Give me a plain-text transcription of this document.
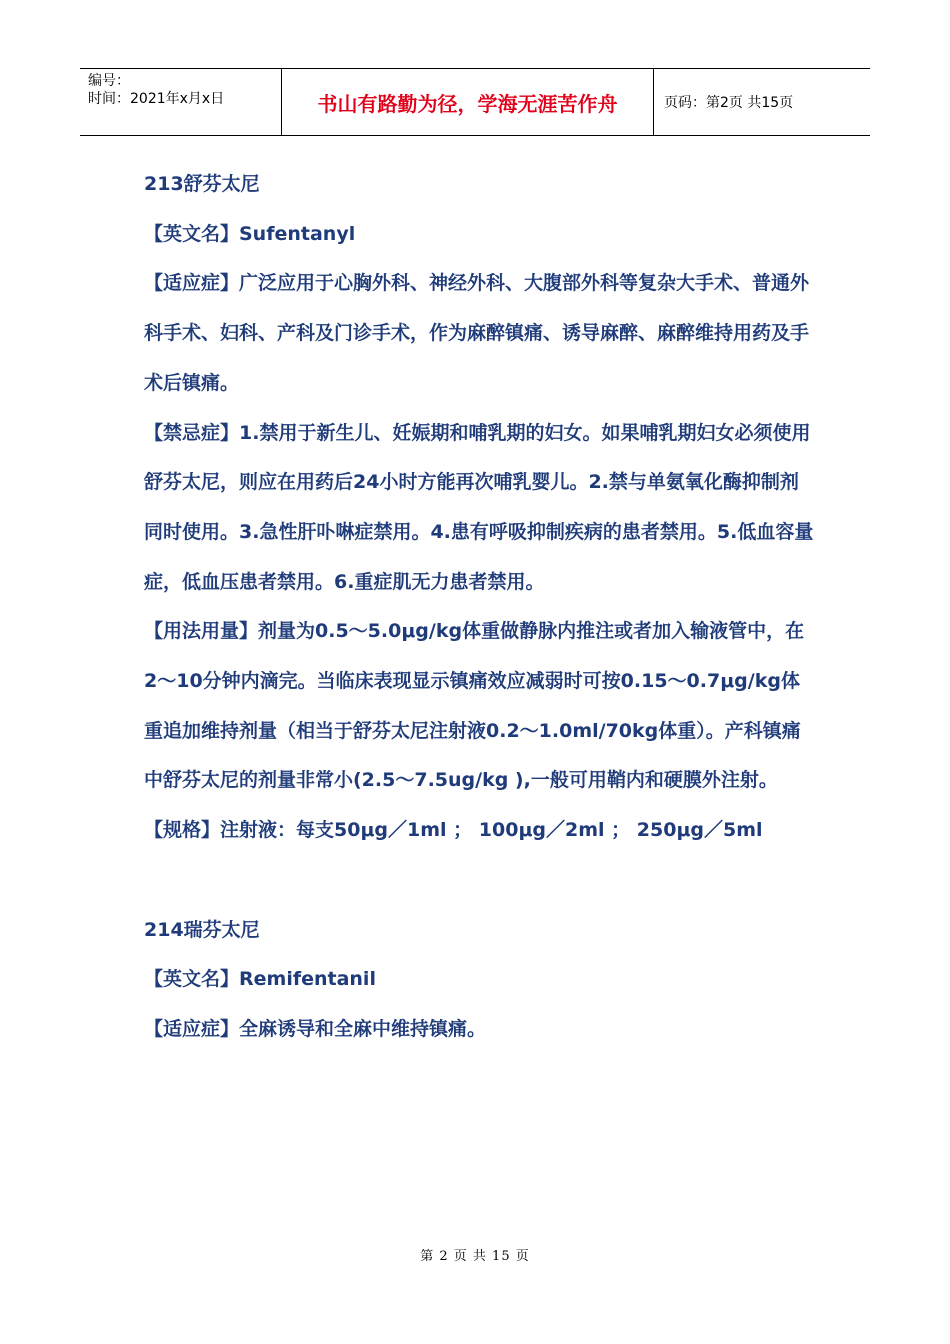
编号：
时间：2021年x月x日	书山有路勤为径，学海无涯苦作舟	页码：第2页 共15页

213舒芬太尼

【英文名】Sufentanyl

【适应症】广泛应用于心胸外科、神经外科、大腹部外科等复杂大手术、普通外科手术、妇科、产科及门诊手术，作为麻醉镇痛、诱导麻醉、麻醉维持用药及手术后镇痛。

【禁忌症】1.禁用于新生儿、妊娠期和哺乳期的妇女。如果哺乳期妇女必须使用舒芬太尼，则应在用药后24小时方能再次哺乳婴儿。2.禁与单氨氧化酶抑制剂同时使用。3.急性肝卟啉症禁用。4.患有呼吸抑制疾病的患者禁用。5.低血容量症，低血压患者禁用。6.重症肌无力患者禁用。

【用法用量】剂量为0.5～5.0μg/kg体重做静脉内推注或者加入输液管中，在2～10分钟内滴完。当临床表现显示镇痛效应减弱时可按0.15～0.7μg/kg体重追加维持剂量（相当于舒芬太尼注射液0.2～1.0ml/70kg体重）。产科镇痛中舒芬太尼的剂量非常小(2.5～7.5ug/kg ),一般可用鞘内和硬膜外注射。

【规格】注射液：每支50μg／1ml ； 100μg／2ml ； 250μg／5ml

214瑞芬太尼

【英文名】Remifentanil

【适应症】全麻诱导和全麻中维持镇痛。

第 2 页 共 15 页
